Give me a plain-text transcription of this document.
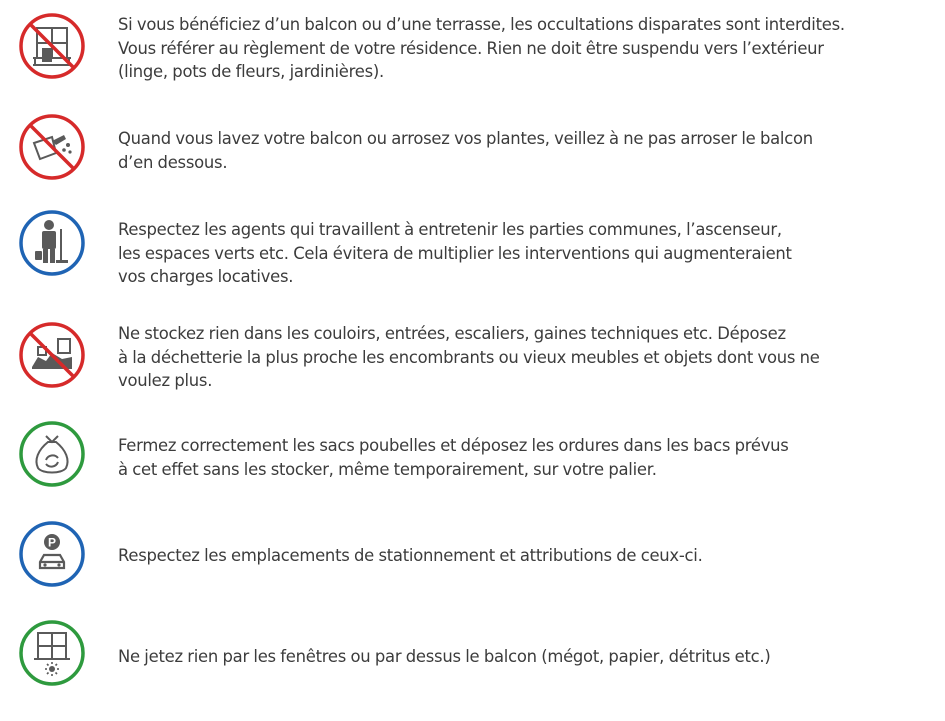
Si vous bénéficiez d’un balcon ou d’une terrasse, les occultations disparates sont interdites.
Vous référer au règlement de votre résidence. Rien ne doit être suspendu vers l’extérieur
(linge, pots de fleurs, jardinières).
Quand vous lavez votre balcon ou arrosez vos plantes, veillez à ne pas arroser le balcon
d’en dessous.
Respectez les agents qui travaillent à entretenir les parties communes, l’ascenseur,
les espaces verts etc. Cela évitera de multiplier les interventions qui augmenteraient
vos charges locatives.
Ne stockez rien dans les couloirs, entrées, escaliers, gaines techniques etc. Déposez
à la déchetterie la plus proche les encombrants ou vieux meubles et objets dont vous ne
voulez plus.
Fermez correctement les sacs poubelles et déposez les ordures dans les bacs prévus
à cet effet sans les stocker, même temporairement, sur votre palier.
P
Respectez les emplacements de stationnement et attributions de ceux-ci.
Ne jetez rien par les fenêtres ou par dessus le balcon (mégot, papier, détritus etc.)
